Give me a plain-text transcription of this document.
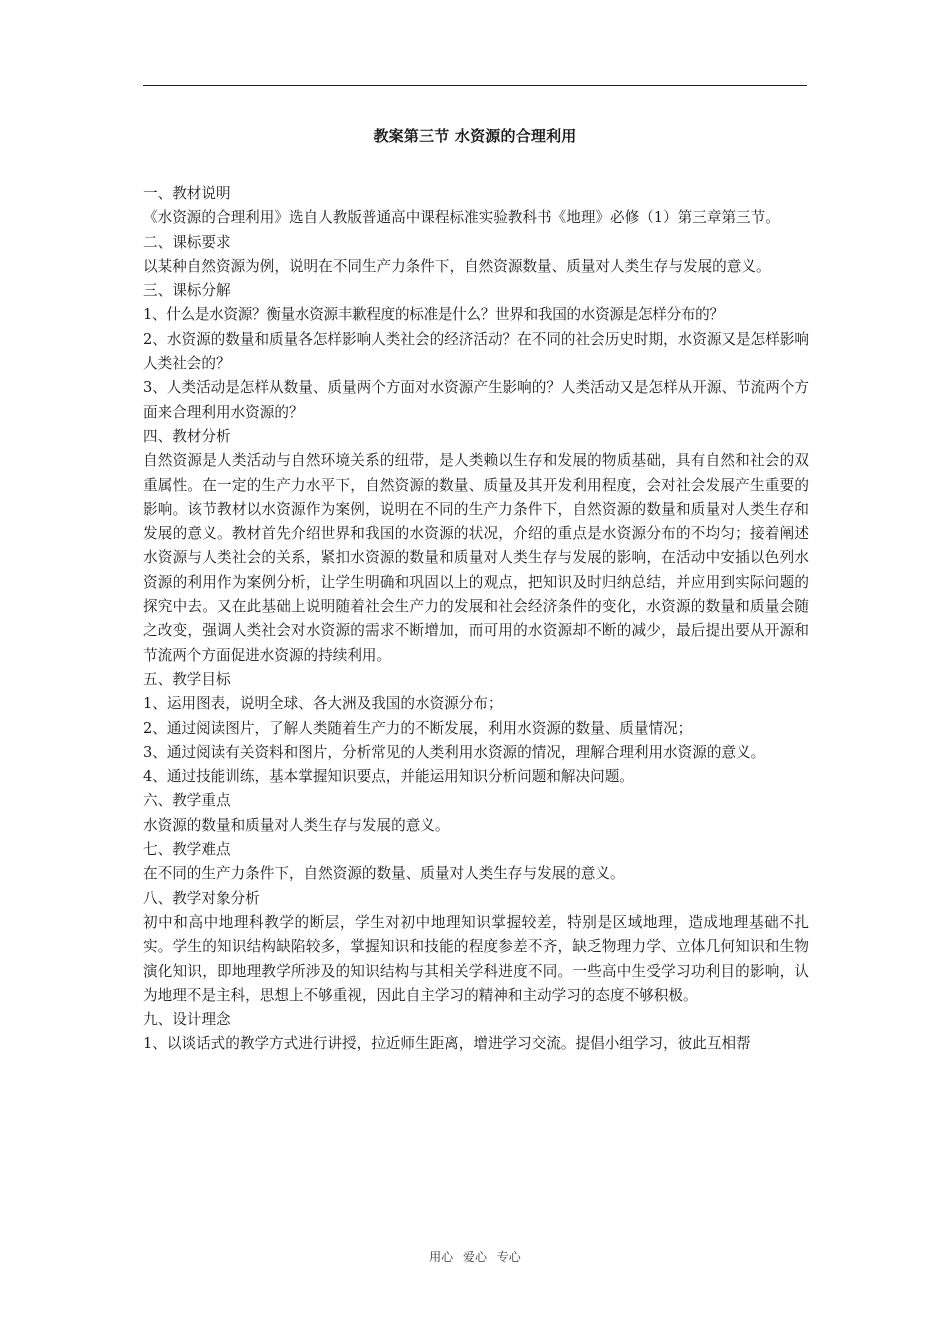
教案第三节 水资源的合理利用

一、教材说明

《水资源的合理利用》选自人教版普通高中课程标准实验教科书《地理》必修（1）第三章第三节。

二、课标要求

以某种自然资源为例，说明在不同生产力条件下，自然资源数量、质量对人类生存与发展的意义。

三、课标分解

1、什么是水资源？衡量水资源丰歉程度的标准是什么？世界和我国的水资源是怎样分布的？

2、水资源的数量和质量各怎样影响人类社会的经济活动？在不同的社会历史时期，水资源又是怎样影响人类社会的？

3、人类活动是怎样从数量、质量两个方面对水资源产生影响的？人类活动又是怎样从开源、节流两个方面来合理利用水资源的？

四、教材分析

自然资源是人类活动与自然环境关系的纽带，是人类赖以生存和发展的物质基础，具有自然和社会的双重属性。在一定的生产力水平下，自然资源的数量、质量及其开发利用程度，会对社会发展产生重要的影响。该节教材以水资源作为案例，说明在不同的生产力条件下，自然资源的数量和质量对人类生存和发展的意义。教材首先介绍世界和我国的水资源的状况，介绍的重点是水资源分布的不均匀；接着阐述水资源与人类社会的关系，紧扣水资源的数量和质量对人类生存与发展的影响，在活动中安插以色列水资源的利用作为案例分析，让学生明确和巩固以上的观点，把知识及时归纳总结，并应用到实际问题的探究中去。又在此基础上说明随着社会生产力的发展和社会经济条件的变化，水资源的数量和质量会随之改变，强调人类社会对水资源的需求不断增加，而可用的水资源却不断的减少，最后提出要从开源和节流两个方面促进水资源的持续利用。

五、教学目标

1、运用图表，说明全球、各大洲及我国的水资源分布；

2、通过阅读图片，了解人类随着生产力的不断发展，利用水资源的数量、质量情况；

3、通过阅读有关资料和图片，分析常见的人类利用水资源的情况，理解合理利用水资源的意义。

4、通过技能训练，基本掌握知识要点，并能运用知识分析问题和解决问题。

六、教学重点

水资源的数量和质量对人类生存与发展的意义。

七、教学难点

在不同的生产力条件下，自然资源的数量、质量对人类生存与发展的意义。

八、教学对象分析

初中和高中地理科教学的断层，学生对初中地理知识掌握较差，特别是区域地理，造成地理基础不扎实。学生的知识结构缺陷较多，掌握知识和技能的程度参差不齐，缺乏物理力学、立体几何知识和生物演化知识，即地理教学所涉及的知识结构与其相关学科进度不同。一些高中生受学习功利目的影响，认为地理不是主科，思想上不够重视，因此自主学习的精神和主动学习的态度不够积极。

九、设计理念

1、以谈话式的教学方式进行讲授，拉近师生距离，增进学习交流。提倡小组学习，彼此互相帮

用心 爱心 专心
